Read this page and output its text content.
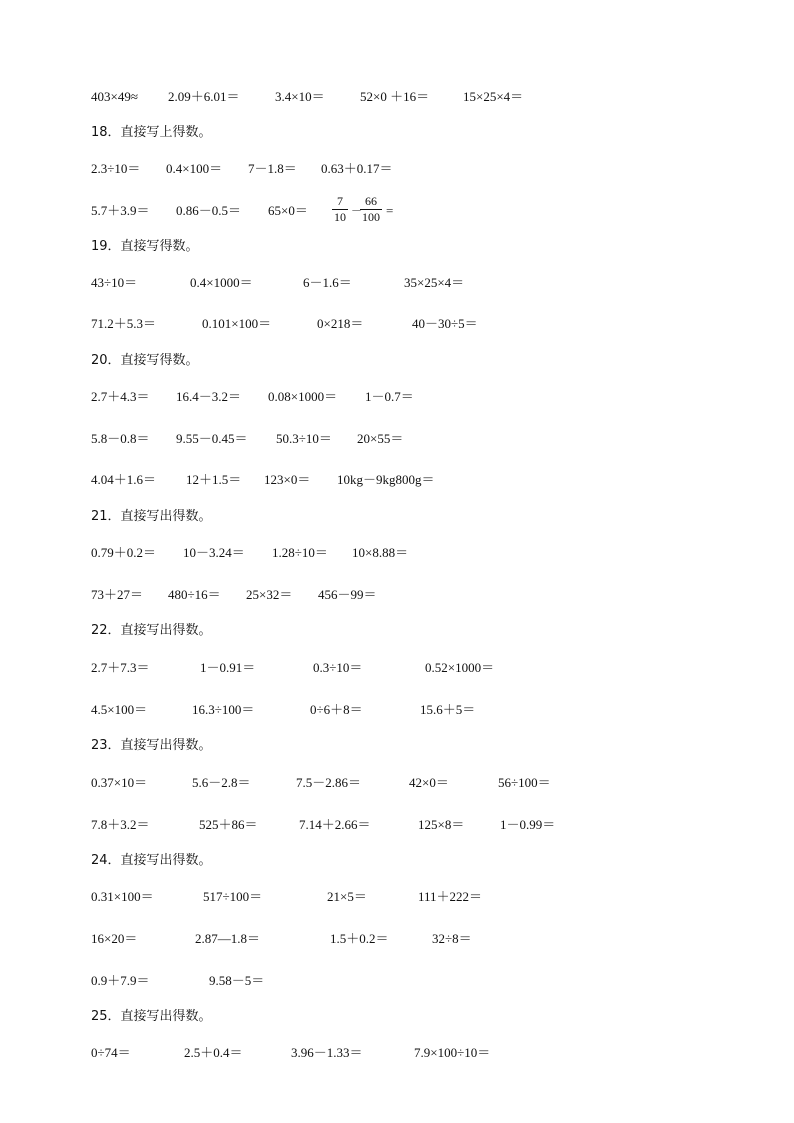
403×49≈ 2.09＋6.01＝	3.4×10＝	52×0 ＋16＝	15×25×4＝
18．直接写上得数。
2.3÷10＝ 0.4×100＝ 7－1.8＝ 0.63＋0.17＝
5.7＋3.9＝ 0.86－0.5＝ 65×0＝
7
10 －
66
100 =
19．直接写得数。
43÷10＝	0.4×1000＝	6－1.6＝	35×25×4＝
71.2＋5.3＝	0.101×100＝	0×218＝	40－30÷5＝
20．直接写得数。
2.7＋4.3＝ 16.4－3.2＝ 0.08×1000＝ 1－0.7＝
5.8－0.8＝ 9.55－0.45＝ 50.3÷10＝ 20×55＝
4.04＋1.6＝ 12＋1.5＝ 123×0＝ 10kg－9kg800g＝
21．直接写出得数。
0.79＋0.2＝ 10－3.24＝ 1.28÷10＝ 10×8.88＝
73＋27＝ 480÷16＝ 25×32＝ 456－99＝
22．直接写出得数。
2.7＋7.3＝	1－0.91＝	0.3÷10＝	0.52×1000＝
4.5×100＝	16.3÷100＝	0÷6＋8＝	15.6＋5＝
23．直接写出得数。
0.37×10＝	5.6－2.8＝	7.5－2.86＝	42×0＝	56÷100＝
7.8＋3.2＝	525＋86＝	7.14＋2.66＝	125×8＝	1－0.99＝
24．直接写出得数。
0.31×100＝	517÷100＝	21×5＝	111＋222＝
16×20＝	2.87—1.8＝	1.5＋0.2＝	32÷8＝
0.9＋7.9＝	9.58－5＝
25．直接写出得数。
0÷74＝	2.5＋0.4＝	3.96－1.33＝	7.9×100÷10＝
